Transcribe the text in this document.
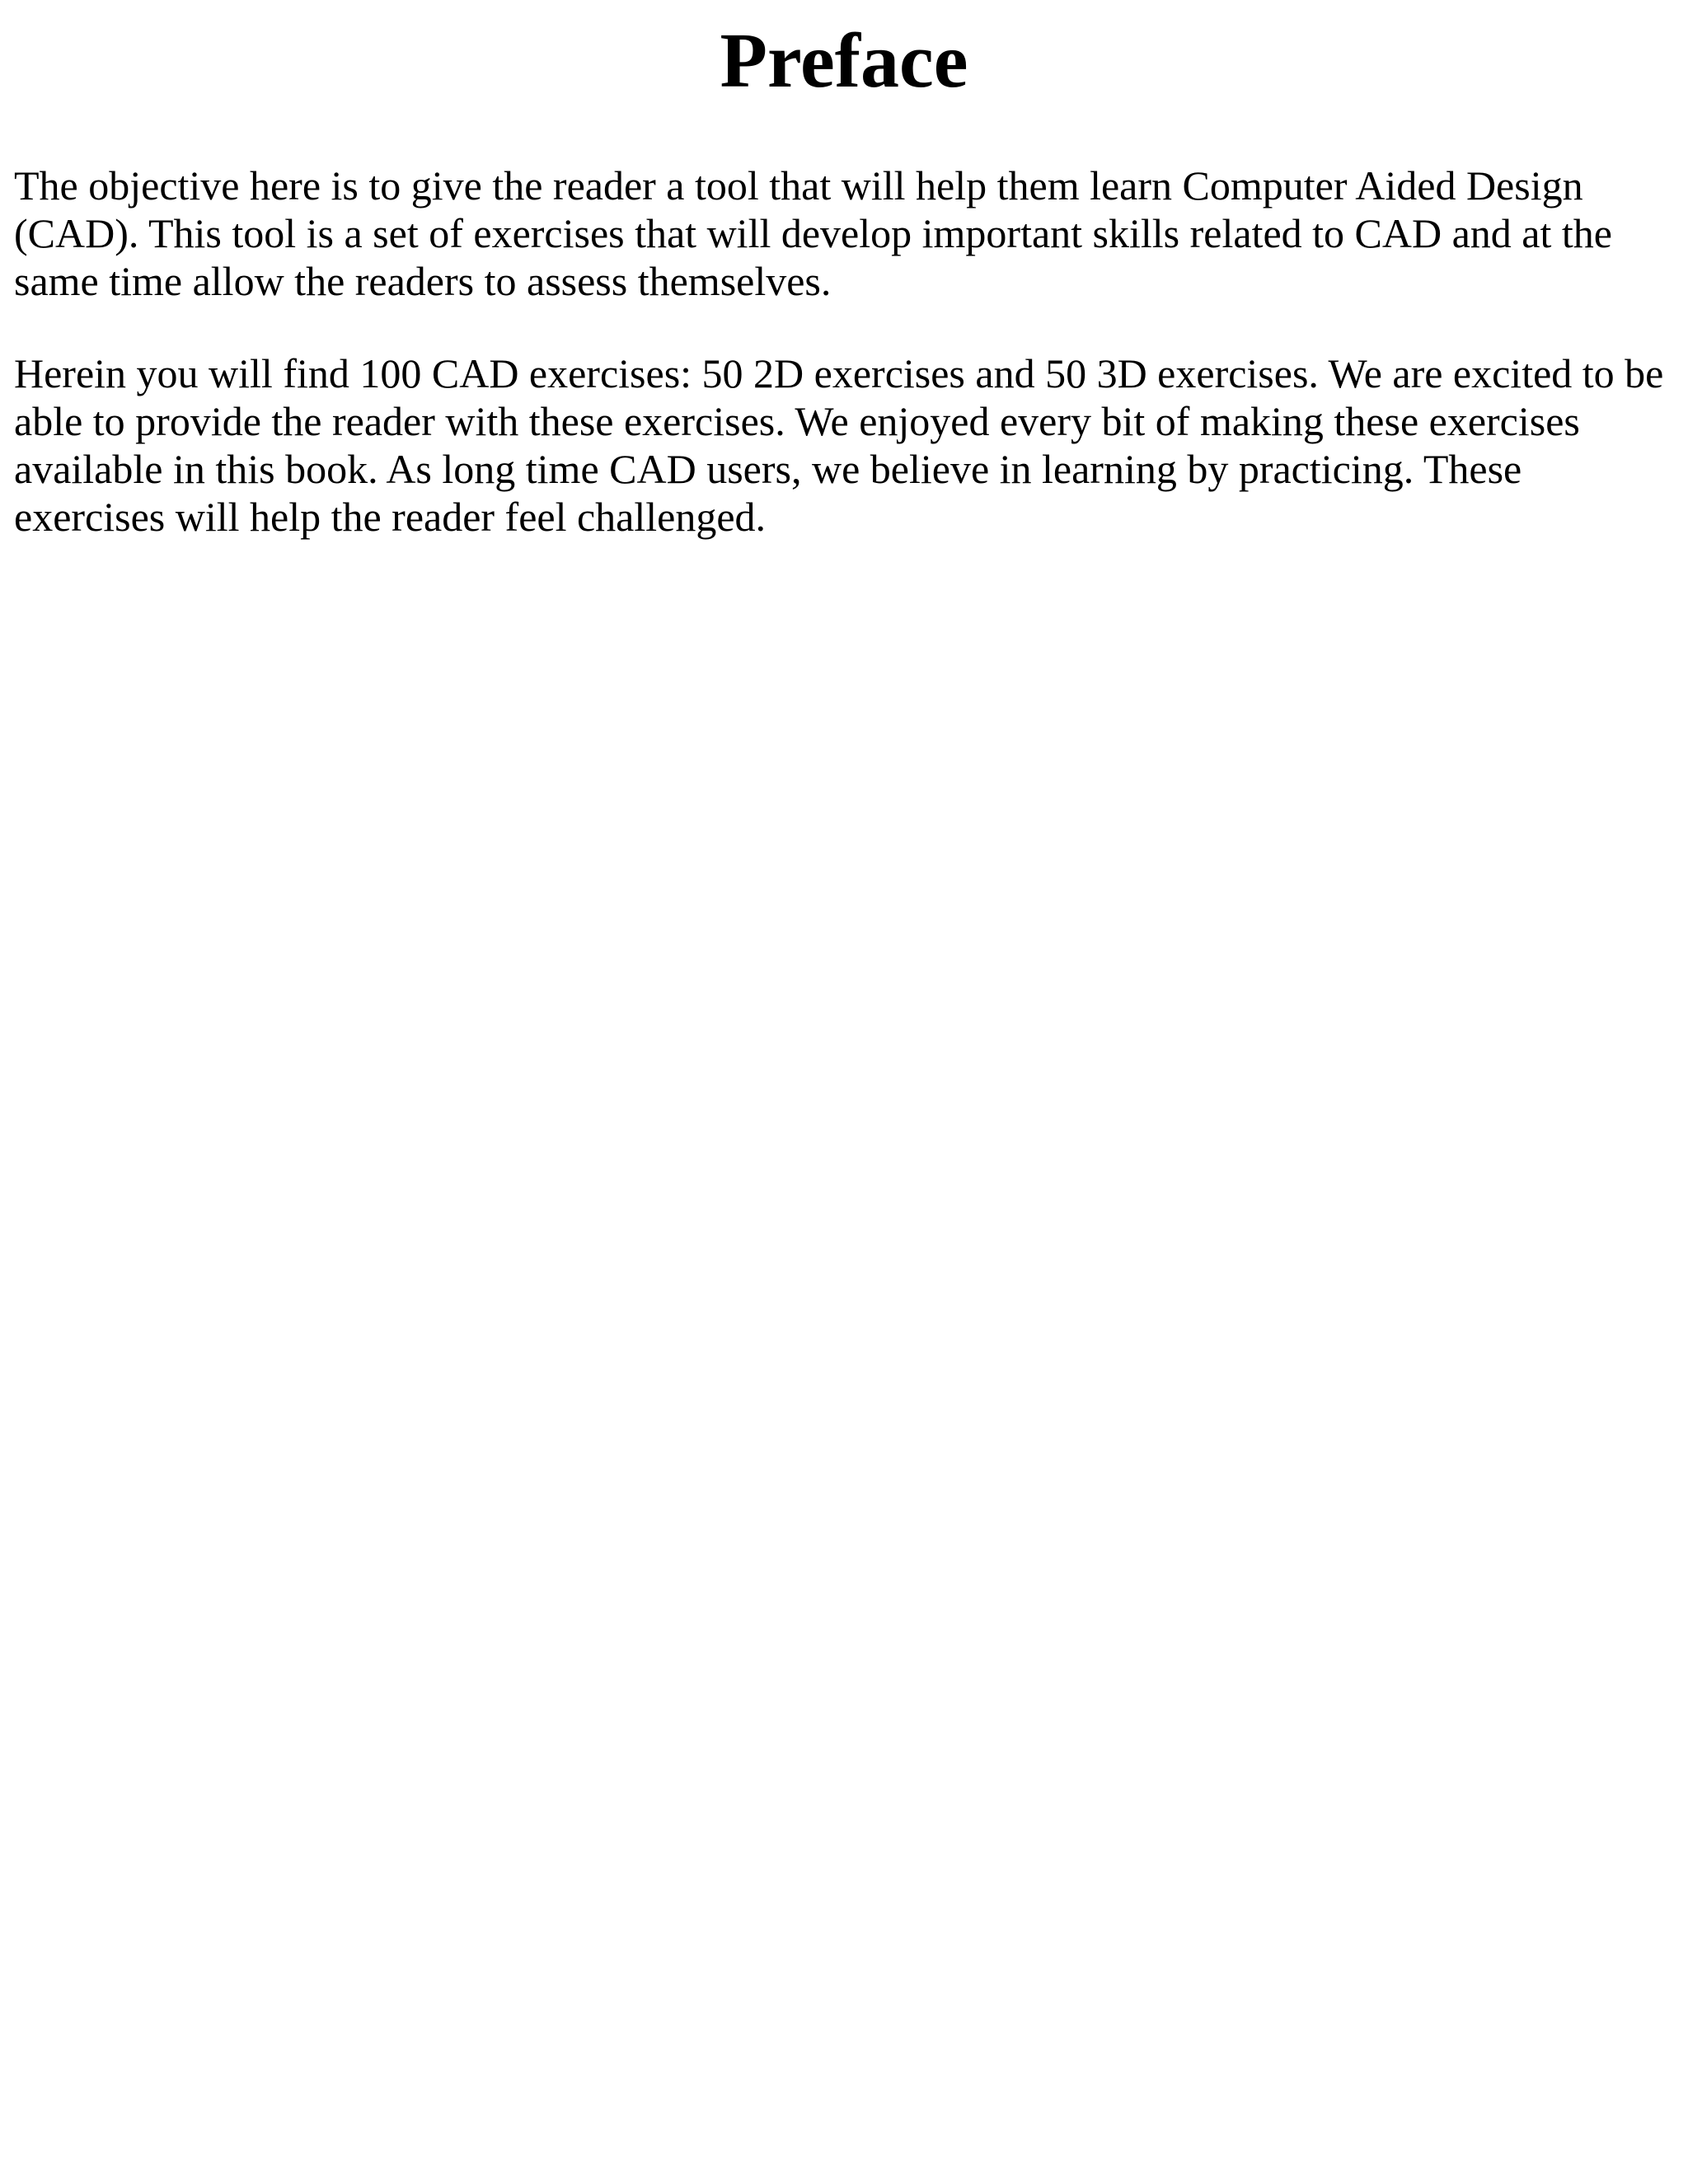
Preface

The objective here is to give the reader a tool that will help them learn Computer Aided Design
(CAD). This tool is a set of exercises that will develop important skills related to CAD and at the
same time allow the readers to assess themselves.

Herein you will find 100 CAD exercises: 50 2D exercises and 50 3D exercises. We are excited to be
able to provide the reader with these exercises. We enjoyed every bit of making these exercises
available in this book. As long time CAD users, we believe in learning by practicing. These
exercises will help the reader feel challenged.
